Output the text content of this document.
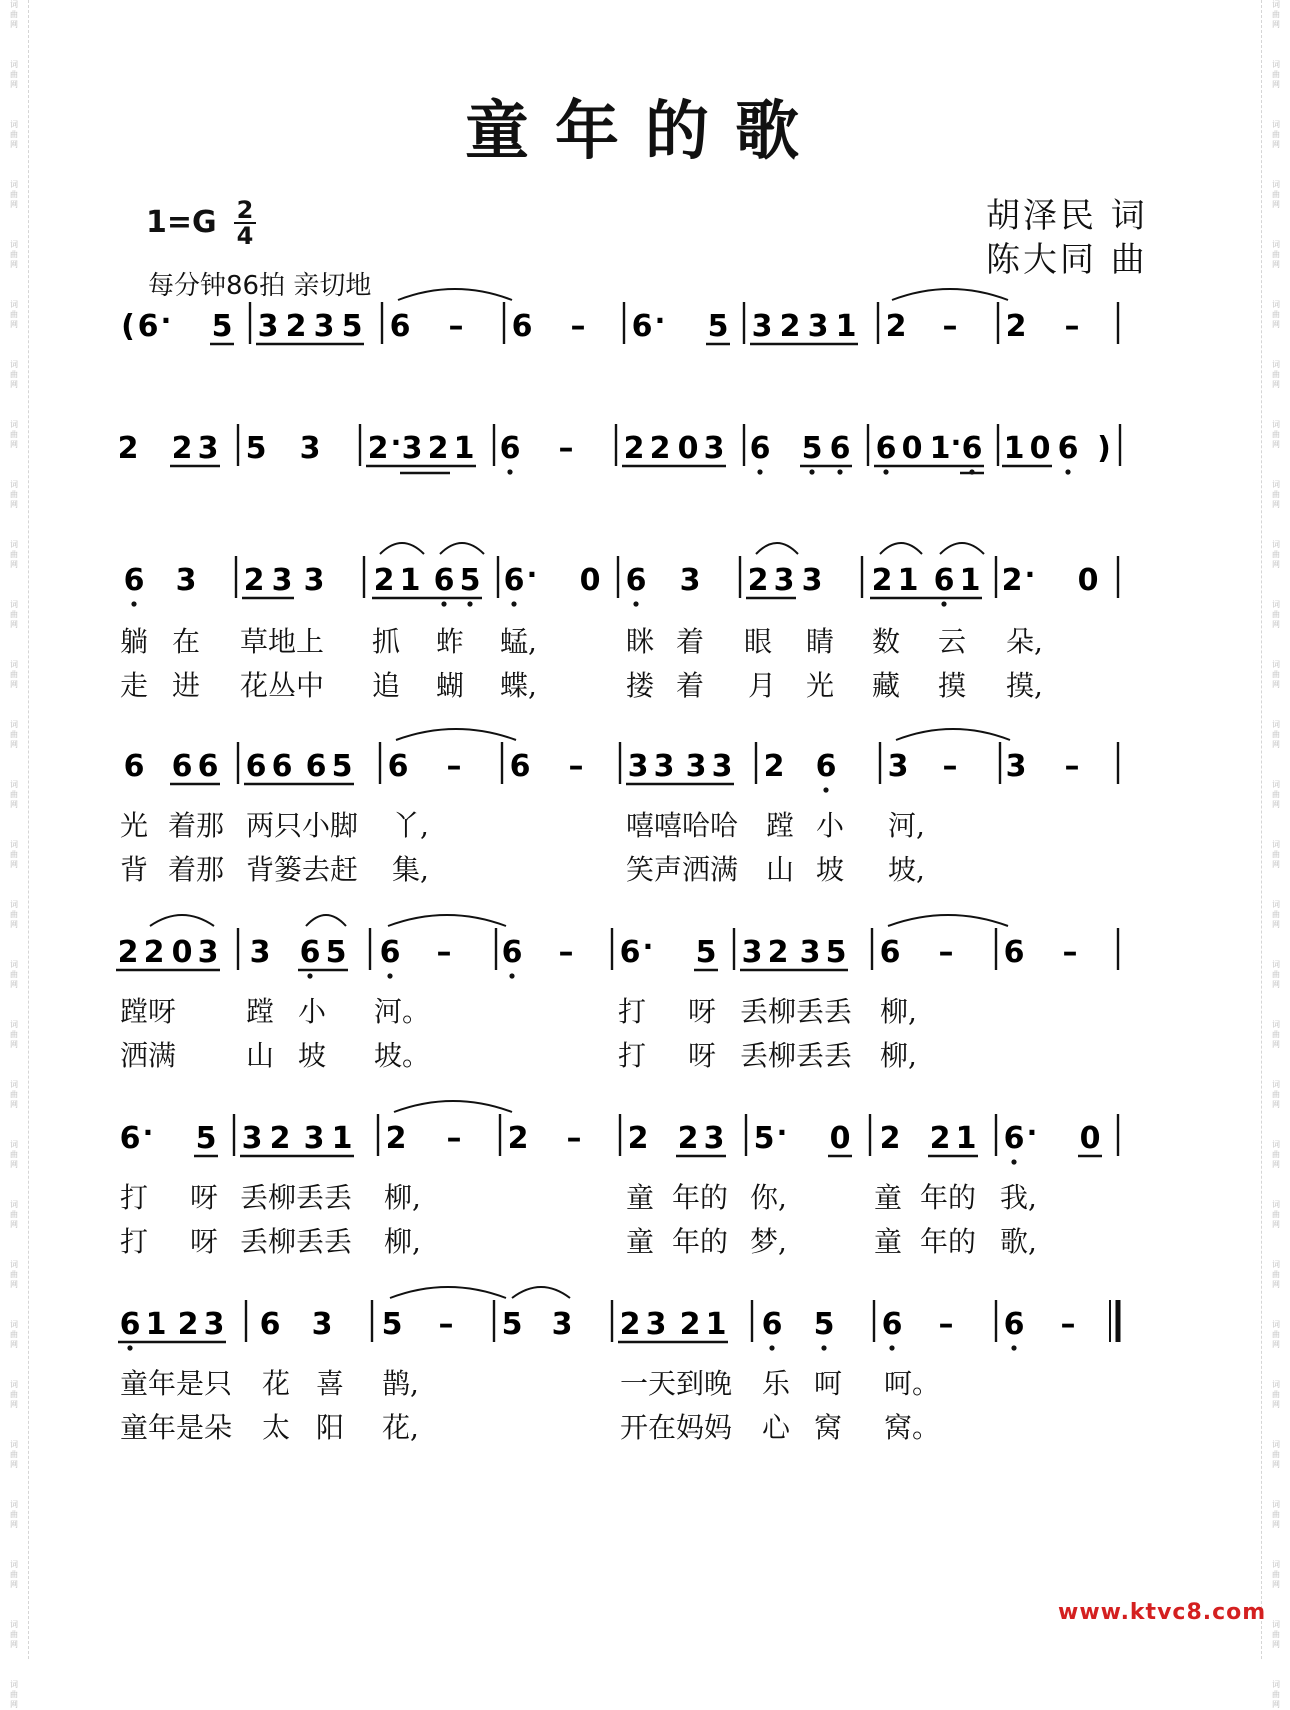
词
曲
网
词
曲
网
词
曲
网
词
曲
网
词
曲
网
词
曲
网
词
曲
网
词
曲
网
词
曲
网
词
曲
网
词
曲
网
词
曲
网
词
曲
网
词
曲
网
词
曲
网
词
曲
网
词
曲
网
词
曲
网
词
曲
网
词
曲
网
词
曲
网
词
曲
网
词
曲
网
词
曲
网
词
曲
网
词
曲
网
词
曲
网
词
曲
网
词
曲
网
词
曲
网
词
曲
网
词
曲
网
词
曲
网
词
曲
网
词
曲
网
词
曲
网
词
曲
网
词
曲
网
词
曲
网
词
曲
网
词
曲
网
词
曲
网
词
曲
网
词
曲
网
词
曲
网
词
曲
网
词
曲
网
词
曲
网
词
曲
网
词
曲
网
词
曲
网
词
曲
网
词
曲
网
词
曲
网
词
曲
网
词
曲
网
词
曲
网
词
曲
网
童年的歌
$1=G \frac{2}{4}$
每分钟86拍 亲切地
胡泽民 词
陈大同 曲
( 6 · 5 3 2 3 5 6 – 6 – 6 · 5 3 2 3 1 2 – 2 –
2 2 3 5 3 2 · 3 2 1 6 – 2 2 0 3 6 5 6 6 0 1 · 6 1 0 6 )
6 3 2 3 3 2 1 6 5 6 · 0 6 3 2 3 3 2 1 6 1 2 · 0
6 6 6 6 6 6 5 6 – 6 – 3 3 3 3 2 6 3 – 3 –
2 2 0 3 3 6 5 6 – 6 – 6 · 5 3 2 3 5 6 – 6 –
6 · 5 3 2 3 1 2 – 2 – 2 2 3 5 · 0 2 2 1 6 · 0
6 1 2 3 6 3 5 – 5 3 2 3 2 1 6 5 6 – 6 –
躺 在 草地上 抓 蚱 蜢,	眯 着 眼 睛 数 云 朵,
走 进 花丛中 追 蝴 蝶,	搂 着 月 光 藏 摸 摸,
光 着那 两只小脚 丫,	嘻嘻哈哈 蹚 小 河,
背 着那 背篓去赶 集,	笑声洒满 山 坡 坡,
蹚呀 蹚 小 河。	打 呀 丢柳丢丢 柳,
洒满 山 坡 坡。	打 呀 丢柳丢丢 柳,
打 呀 丢柳丢丢 柳,	童 年的 你,	童 年的 我,
打 呀 丢柳丢丢 柳,	童 年的 梦,	童 年的 歌,
童年是只 花 喜 鹊,	一天到晚 乐 呵 呵。
童年是朵 太 阳 花,	开在妈妈 心 窝 窝。
www.ktvc8.com
